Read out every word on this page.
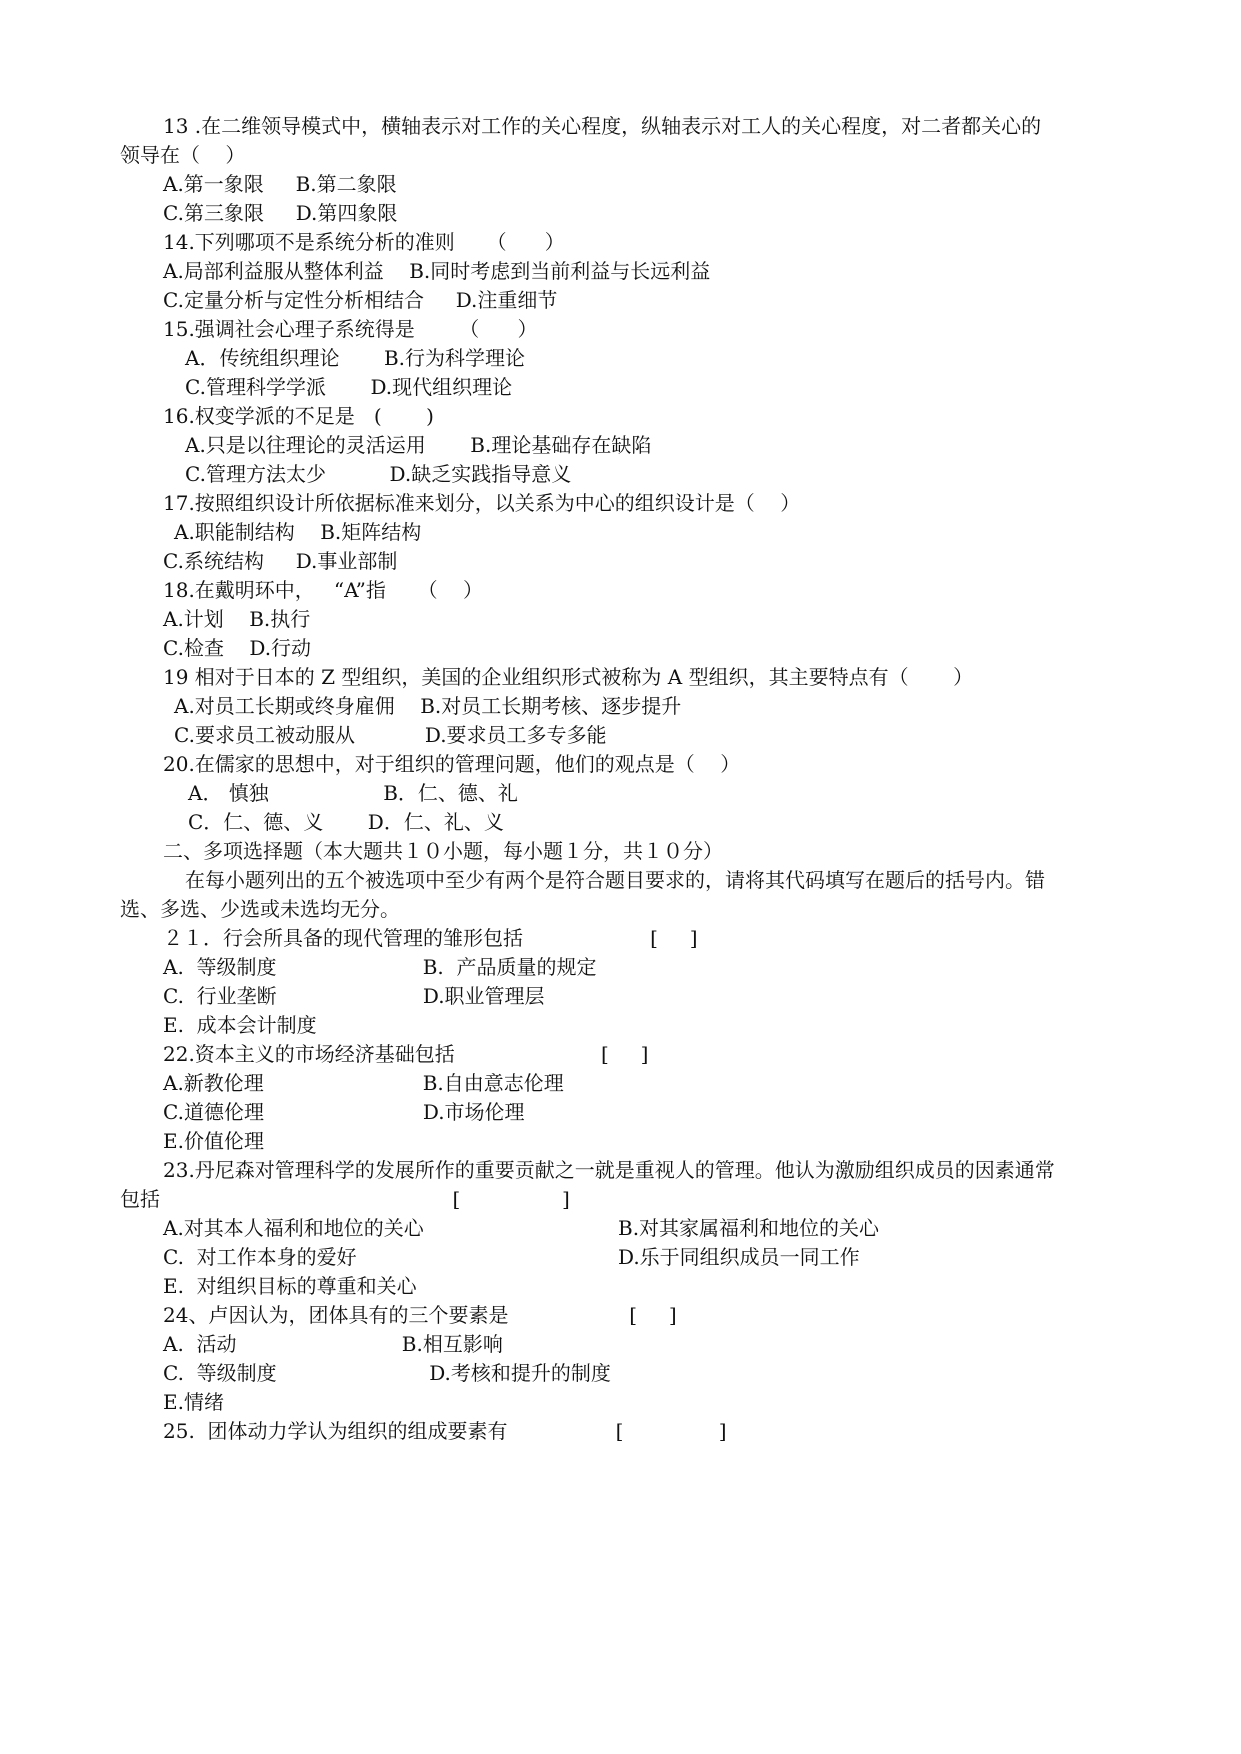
13 .在二维领导模式中，横轴表示对工作的关心程度，纵轴表示对工人的关心程度，对二者都关心的
领导在（    ）
A.第一象限     B.第二象限
C.第三象限     D.第四象限
14.下列哪项不是系统分析的准则     （      ）
A.局部利益服从整体利益    B.同时考虑到当前利益与长远利益
C.定量分析与定性分析相结合     D.注重细节
15.强调社会心理子系统得是       （      ）
A．传统组织理论       B.行为科学理论
C.管理科学学派       D.现代组织理论
16.权变学派的不足是   (       )
A.只是以往理论的灵活运用       B.理论基础存在缺陷
C.管理方法太少          D.缺乏实践指导意义
17.按照组织设计所依据标准来划分，以关系为中心的组织设计是（    ）
A.职能制结构    B.矩阵结构
C.系统结构     D.事业部制
18.在戴明环中，   “A”指     （    ）
A.计划    B.执行
C.检查    D.行动
19 相对于日本的 Z 型组织，美国的企业组织形式被称为 A 型组织，其主要特点有（       ）
A.对员工长期或终身雇佣    B.对员工长期考核、逐步提升
C.要求员工被动服从           D.要求员工多专多能
20.在儒家的思想中，对于组织的管理问题，他们的观点是（    ）
A． 慎独                  B．仁、德、礼
C．仁、德、义       D．仁、礼、义
二、多项选择题（本大题共１０小题，每小题１分，共１０分）
在每小题列出的五个被选项中至少有两个是符合题目要求的，请将其代码填写在题后的括号内。错
选、多选、少选或未选均无分。
２１．行会所具备的现代管理的雏形包括                    [     ]
A.  等级制度                       B.  产品质量的规定
C.  行业垄断                       D.职业管理层
E.  成本会计制度
22.资本主义的市场经济基础包括                       [     ]
A.新教伦理                         B.自由意志伦理
C.道德伦理                         D.市场伦理
E.价值伦理
23.丹尼森对管理科学的发展所作的重要贡献之一就是重视人的管理。他认为激励组织成员的因素通常
包括                                              [                ]
A.对其本人福利和地位的关心	B.对其家属福利和地位的关心
C.  对工作本身的爱好	D.乐于同组织成员一同工作
E.  对组织目标的尊重和关心
24、卢因认为，团体具有的三个要素是                   [     ]
A.  活动                          B.相互影响
C.  等级制度                        D.考核和提升的制度
E.情绪
25.  团体动力学认为组织的组成要素有                 [               ]
